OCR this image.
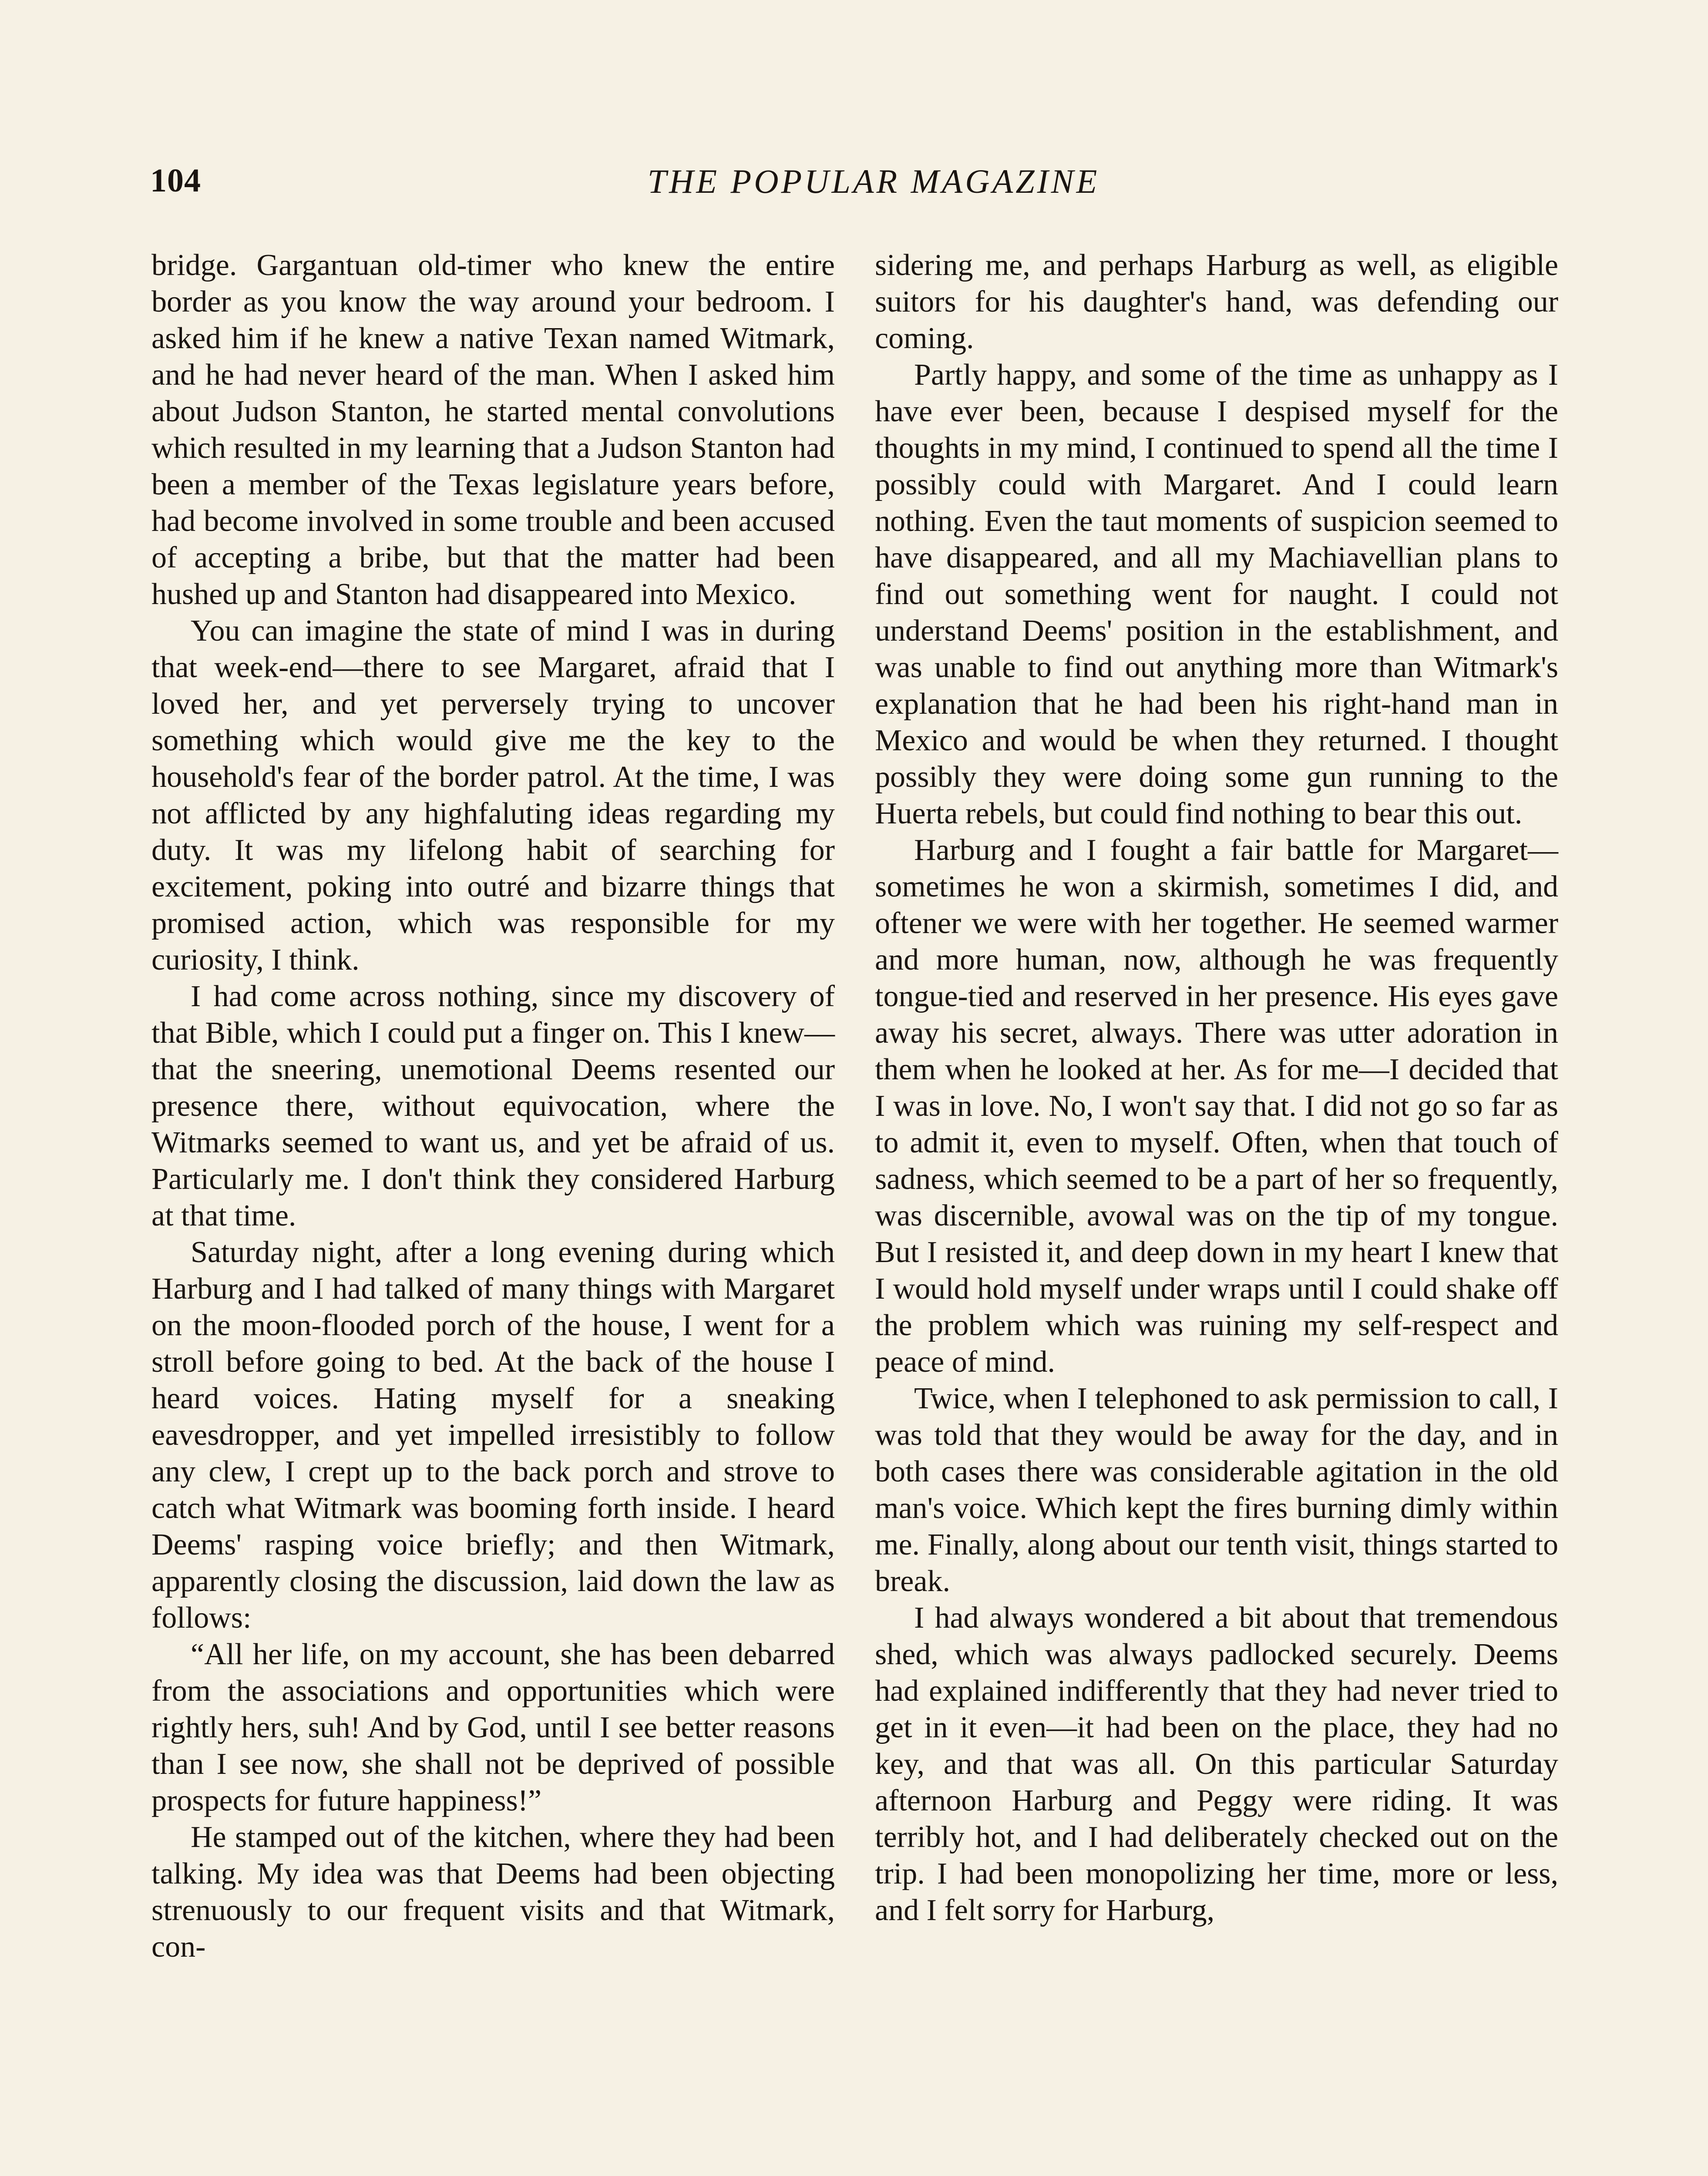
104	THE POPULAR MAGAZINE

bridge. Gargantuan old-timer who knew the entire border as you know the way around your bedroom. I asked him if he knew a native Texan named Witmark, and he had never heard of the man. When I asked him about Judson Stanton, he started mental convolutions which resulted in my learning that a Judson Stanton had been a member of the Texas legislature years before, had become involved in some trouble and been accused of accepting a bribe, but that the matter had been hushed up and Stanton had disappeared into Mexico.

You can imagine the state of mind I was in during that week-end—there to see Margaret, afraid that I loved her, and yet perversely trying to uncover something which would give me the key to the household's fear of the border patrol. At the time, I was not afflicted by any highfaluting ideas regarding my duty. It was my lifelong habit of searching for excitement, poking into outré and bizarre things that promised action, which was responsible for my curiosity, I think.

I had come across nothing, since my discovery of that Bible, which I could put a finger on. This I knew—that the sneering, unemotional Deems resented our presence there, without equivocation, where the Witmarks seemed to want us, and yet be afraid of us. Particularly me. I don't think they considered Harburg at that time.

Saturday night, after a long evening during which Harburg and I had talked of many things with Margaret on the moon-flooded porch of the house, I went for a stroll before going to bed. At the back of the house I heard voices. Hating myself for a sneaking eavesdropper, and yet impelled irresistibly to follow any clew, I crept up to the back porch and strove to catch what Witmark was booming forth inside. I heard Deems' rasping voice briefly; and then Witmark, apparently closing the discussion, laid down the law as follows:

“All her life, on my account, she has been debarred from the associations and opportunities which were rightly hers, suh! And by God, until I see better reasons than I see now, she shall not be deprived of possible prospects for future happiness!”

He stamped out of the kitchen, where they had been talking. My idea was that Deems had been objecting strenuously to our frequent visits and that Witmark, con-

sidering me, and perhaps Harburg as well, as eligible suitors for his daughter's hand, was defending our coming.

Partly happy, and some of the time as unhappy as I have ever been, because I despised myself for the thoughts in my mind, I continued to spend all the time I possibly could with Margaret. And I could learn nothing. Even the taut moments of suspicion seemed to have disappeared, and all my Machiavellian plans to find out something went for naught. I could not understand Deems' position in the establishment, and was unable to find out anything more than Witmark's explanation that he had been his right-hand man in Mexico and would be when they returned. I thought possibly they were doing some gun running to the Huerta rebels, but could find nothing to bear this out.

Harburg and I fought a fair battle for Margaret—sometimes he won a skirmish, sometimes I did, and oftener we were with her together. He seemed warmer and more human, now, although he was frequently tongue-tied and reserved in her presence. His eyes gave away his secret, always. There was utter adoration in them when he looked at her. As for me—I decided that I was in love. No, I won't say that. I did not go so far as to admit it, even to myself. Often, when that touch of sadness, which seemed to be a part of her so frequently, was discernible, avowal was on the tip of my tongue. But I resisted it, and deep down in my heart I knew that I would hold myself under wraps until I could shake off the problem which was ruining my self-respect and peace of mind.

Twice, when I telephoned to ask permission to call, I was told that they would be away for the day, and in both cases there was considerable agitation in the old man's voice. Which kept the fires burning dimly within me. Finally, along about our tenth visit, things started to break.

I had always wondered a bit about that tremendous shed, which was always padlocked securely. Deems had explained indifferently that they had never tried to get in it even—it had been on the place, they had no key, and that was all. On this particular Saturday afternoon Harburg and Peggy were riding. It was terribly hot, and I had deliberately checked out on the trip. I had been monopolizing her time, more or less, and I felt sorry for Harburg,
